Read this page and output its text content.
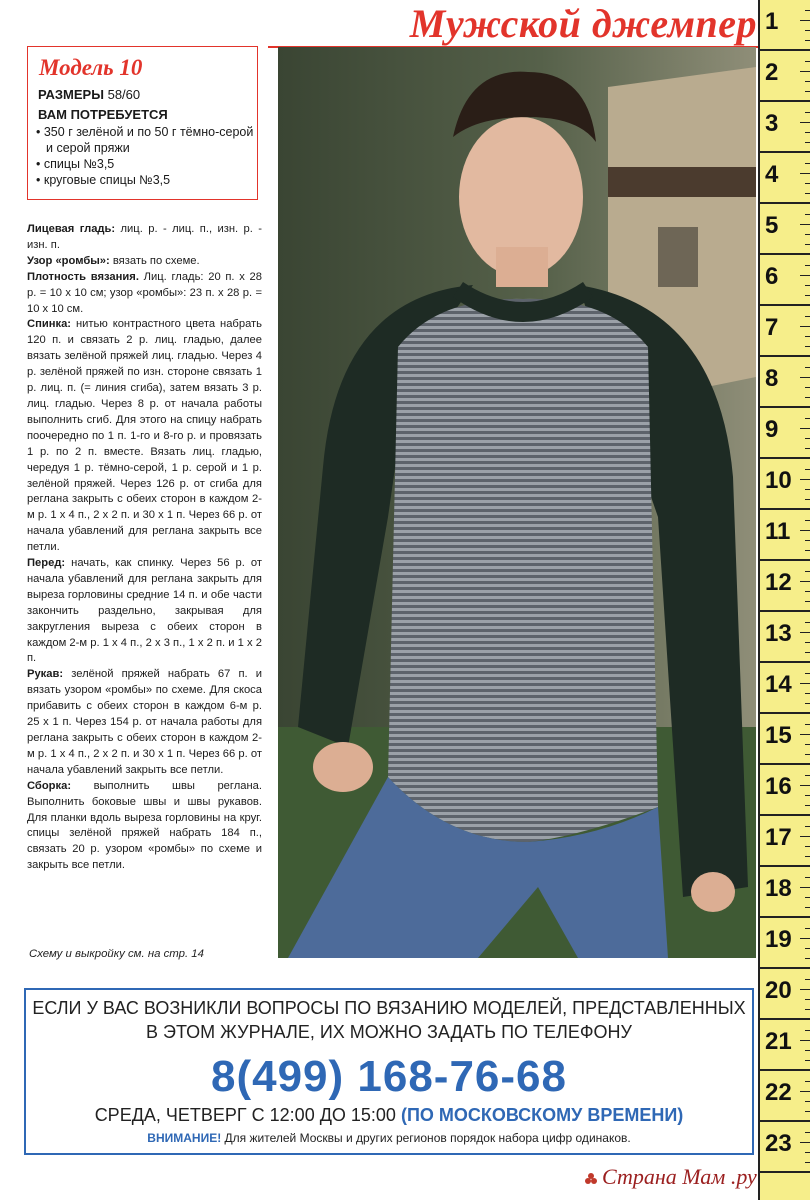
Мужской джемпер
Модель 10
РАЗМЕРЫ 58/60
ВАМ ПОТРЕБУЕТСЯ
• 350 г зелёной и по 50 г тёмно-серой и серой пряжи
• спицы №3,5
• круговые спицы №3,5

Лицевая гладь: лиц. р. - лиц. п., изн. р. - изн. п.

Узор «ромбы»: вязать по схеме.

Плотность вязания. Лиц. гладь: 20 п. х 28 р. = 10 х 10 см; узор «ромбы»: 23 п. х 28 р. = 10 х 10 см.

Спинка: нитью контрастного цвета набрать 120 п. и связать 2 р. лиц. гладью, далее вязать зелёной пряжей лиц. гладью. Через 4 р. зелёной пряжей по изн. стороне связать 1 р. лиц. п. (= линия сгиба), затем вязать 3 р. лиц. гладью. Через 8 р. от начала работы выполнить сгиб. Для этого на спицу набрать поочередно по 1 п. 1-го и 8-го р. и провязать 1 р. по 2 п. вместе. Вязать лиц. гладью, чередуя 1 р. тёмно-серой, 1 р. серой и 1 р. зелёной пряжей. Через 126 р. от сгиба для реглана закрыть с обеих сторон в каждом 2-м р. 1 х 4 п., 2 х 2 п. и 30 х 1 п. Через 66 р. от начала убавлений для реглана закрыть все петли.

Перед: начать, как спинку. Через 56 р. от начала убавлений для реглана закрыть для выреза горловины средние 14 п. и обе части закончить раздельно, закрывая для закругления выреза с обеих сторон в каждом 2-м р. 1 х 4 п., 2 х 3 п., 1 х 2 п. и 1 х 2 п.

Рукав: зелёной пряжей набрать 67 п. и вязать узором «ромбы» по схеме. Для скоса прибавить с обеих сторон в каждом 6-м р. 25 х 1 п. Через 154 р. от начала работы для реглана закрыть с обеих сторон в каждом 2-м р. 1 х 4 п., 2 х 2 п. и 30 х 1 п. Через 66 р. от начала убавлений закрыть все петли.

Сборка: выполнить швы реглана. Выполнить боковые швы и швы рукавов. Для планки вдоль выреза горловины на круг. спицы зелёной пряжей набрать 184 п., связать 20 р. узором «ромбы» по схеме и закрыть все петли.

Схему и выкройку см. на стр. 14
1
2
3
4
5
6
7
8
9
10
11
12
13
14
15
16
17
18
19
20
21
22
23
ЕСЛИ У ВАС ВОЗНИКЛИ ВОПРОСЫ ПО ВЯЗАНИЮ МОДЕЛЕЙ, ПРЕДСТАВЛЕННЫХ
В ЭТОМ ЖУРНАЛЕ, ИХ МОЖНО ЗАДАТЬ ПО ТЕЛЕФОНУ
8(499) 168-76-68
СРЕДА, ЧЕТВЕРГ С 12:00 ДО 15:00 (ПО МОСКОВСКОМУ ВРЕМЕНИ)
ВНИМАНИЕ! Для жителей Москвы и других регионов порядок набора цифр одинаков.
Страна Мам .ру
